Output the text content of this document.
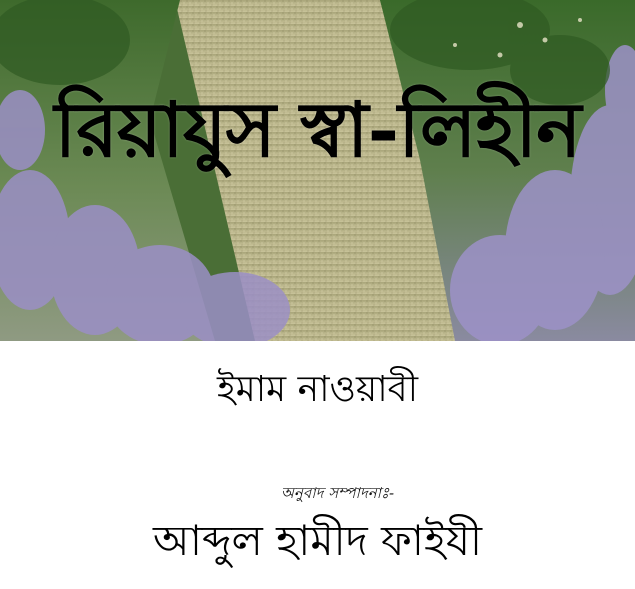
রিয়াযুস স্বা-লিহীন
ইমাম নাওয়াবী
অনুবাদ সম্পাদনাঃ-
আব্দুল হামীদ ফাইযী
